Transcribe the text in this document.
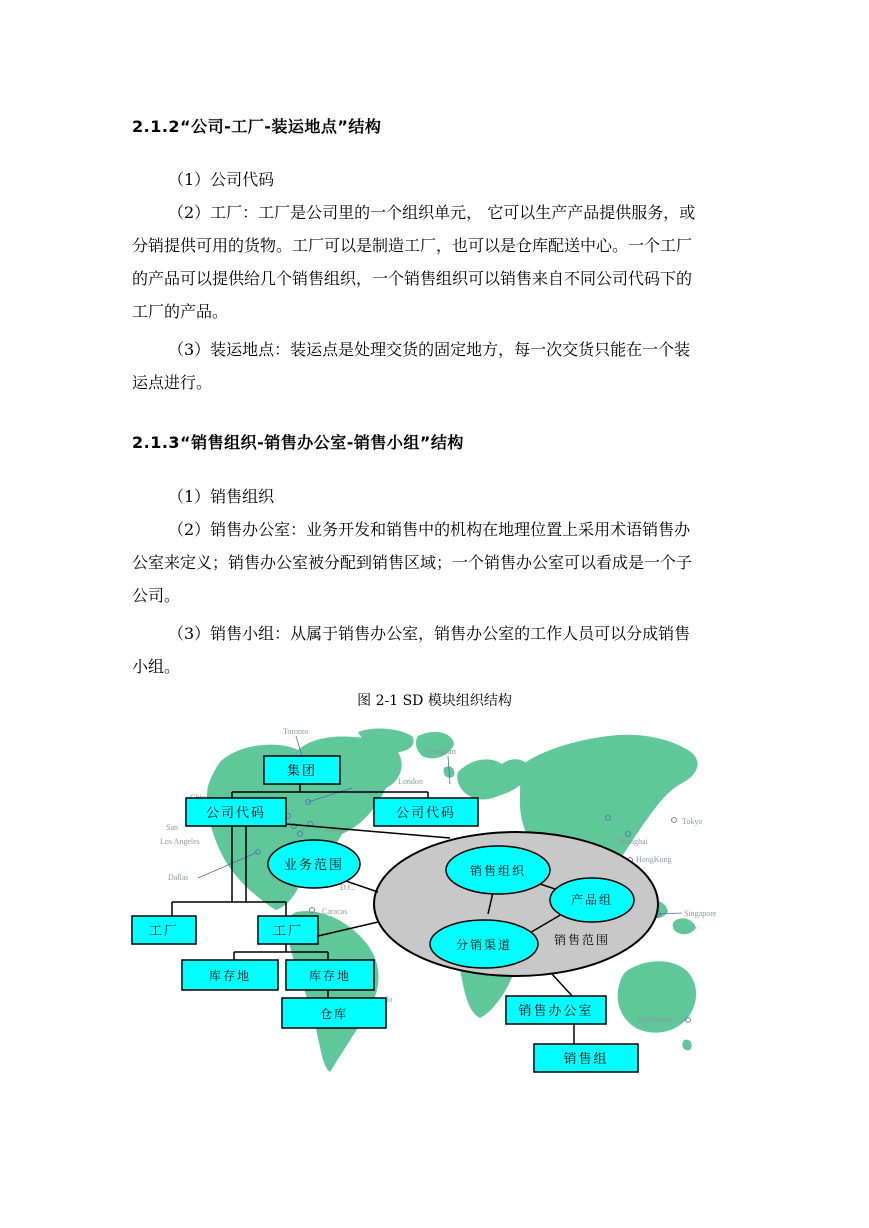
2.1.2“公司-工厂-装运地点”结构
（1）公司代码
（2）工厂：工厂是公司里的一个组织单元， 它可以生产产品提供服务，或
分销提供可用的货物。工厂可以是制造工厂，也可以是仓库配送中心。一个工厂
的产品可以提供给几个销售组织，一个销售组织可以销售来自不同公司代码下的
工厂的产品。
（3）装运地点：装运点是处理交货的固定地方，每一次交货只能在一个装
运点进行。
2.1.3“销售组织-销售办公室-销售小组”结构
（1）销售组织
（2）销售办公室：业务开发和销售中的机构在地理位置上采用术语销售办
公室来定义；销售办公室被分配到销售区域；一个销售办公室可以看成是一个子
公司。
（3）销售小组：从属于销售办公室，销售办公室的工作人员可以分成销售
小组。
图 2-1 SD 模块组织结构
Toronto
Frankfurt
London
Cleveland
San	Boston
Los Angeles
Dallas
D.C.
Caracas
Tokyo
Shanghai
HongKong
Singapore
Melbourne
lo
集团
公司代码	公司代码
业务范围
工厂	工厂
库存地	库存地
仓库
销售组织
产品组
分销渠道	销售范围
销售办公室
销售组
